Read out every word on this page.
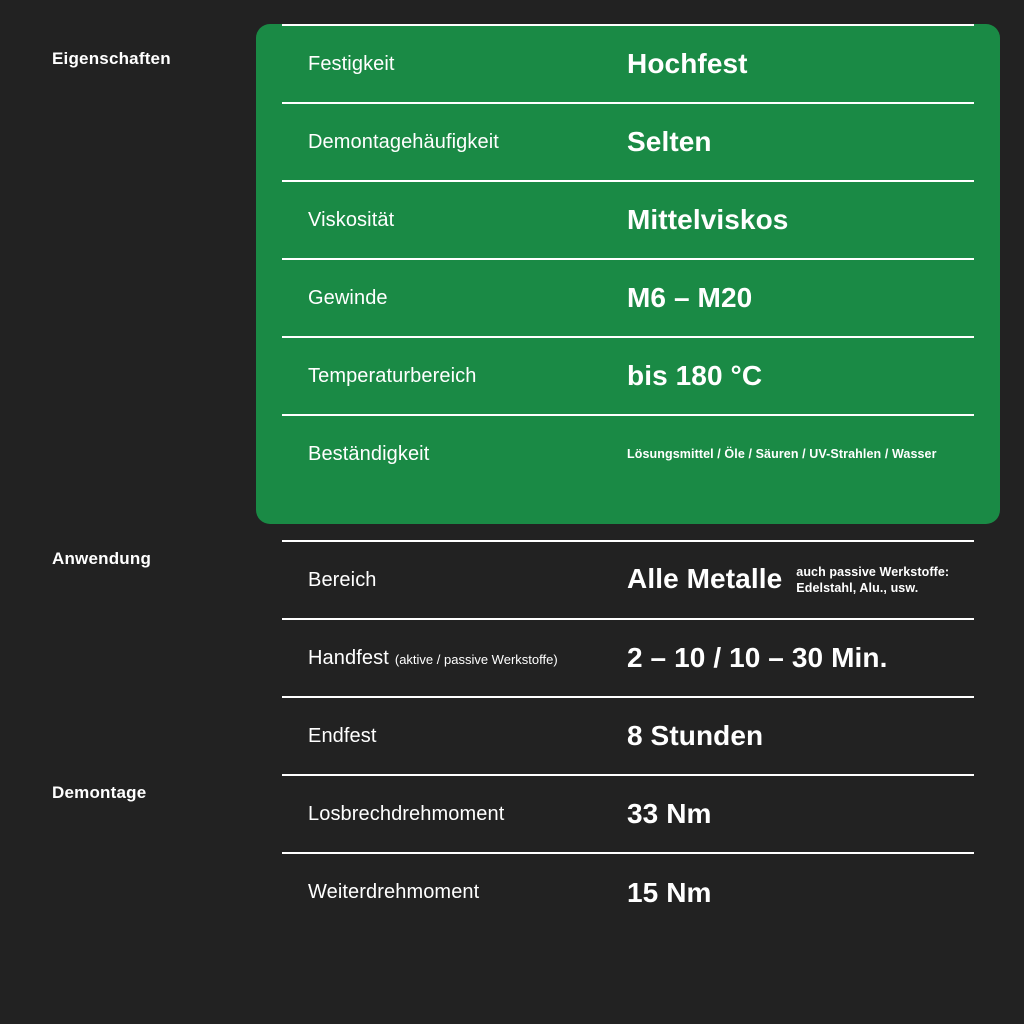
Eigenschaften
Anwendung
Demontage
Festigkeit	Hochfest
Demontagehäufigkeit	Selten
Viskosität	Mittelviskos
Gewinde	M6 – M20
Temperaturbereich	bis 180 °C
Beständigkeit	Lösungsmittel / Öle / Säuren / UV-Strahlen / Wasser
Bereich	Alle Metalle auch passive Werkstoffe: Edelstahl, Alu., usw.
Handfest (aktive / passive Werkstoffe)	2 – 10 / 10 – 30 Min.
Endfest	8 Stunden
Losbrechdrehmoment	33 Nm
Weiterdrehmoment	15 Nm
